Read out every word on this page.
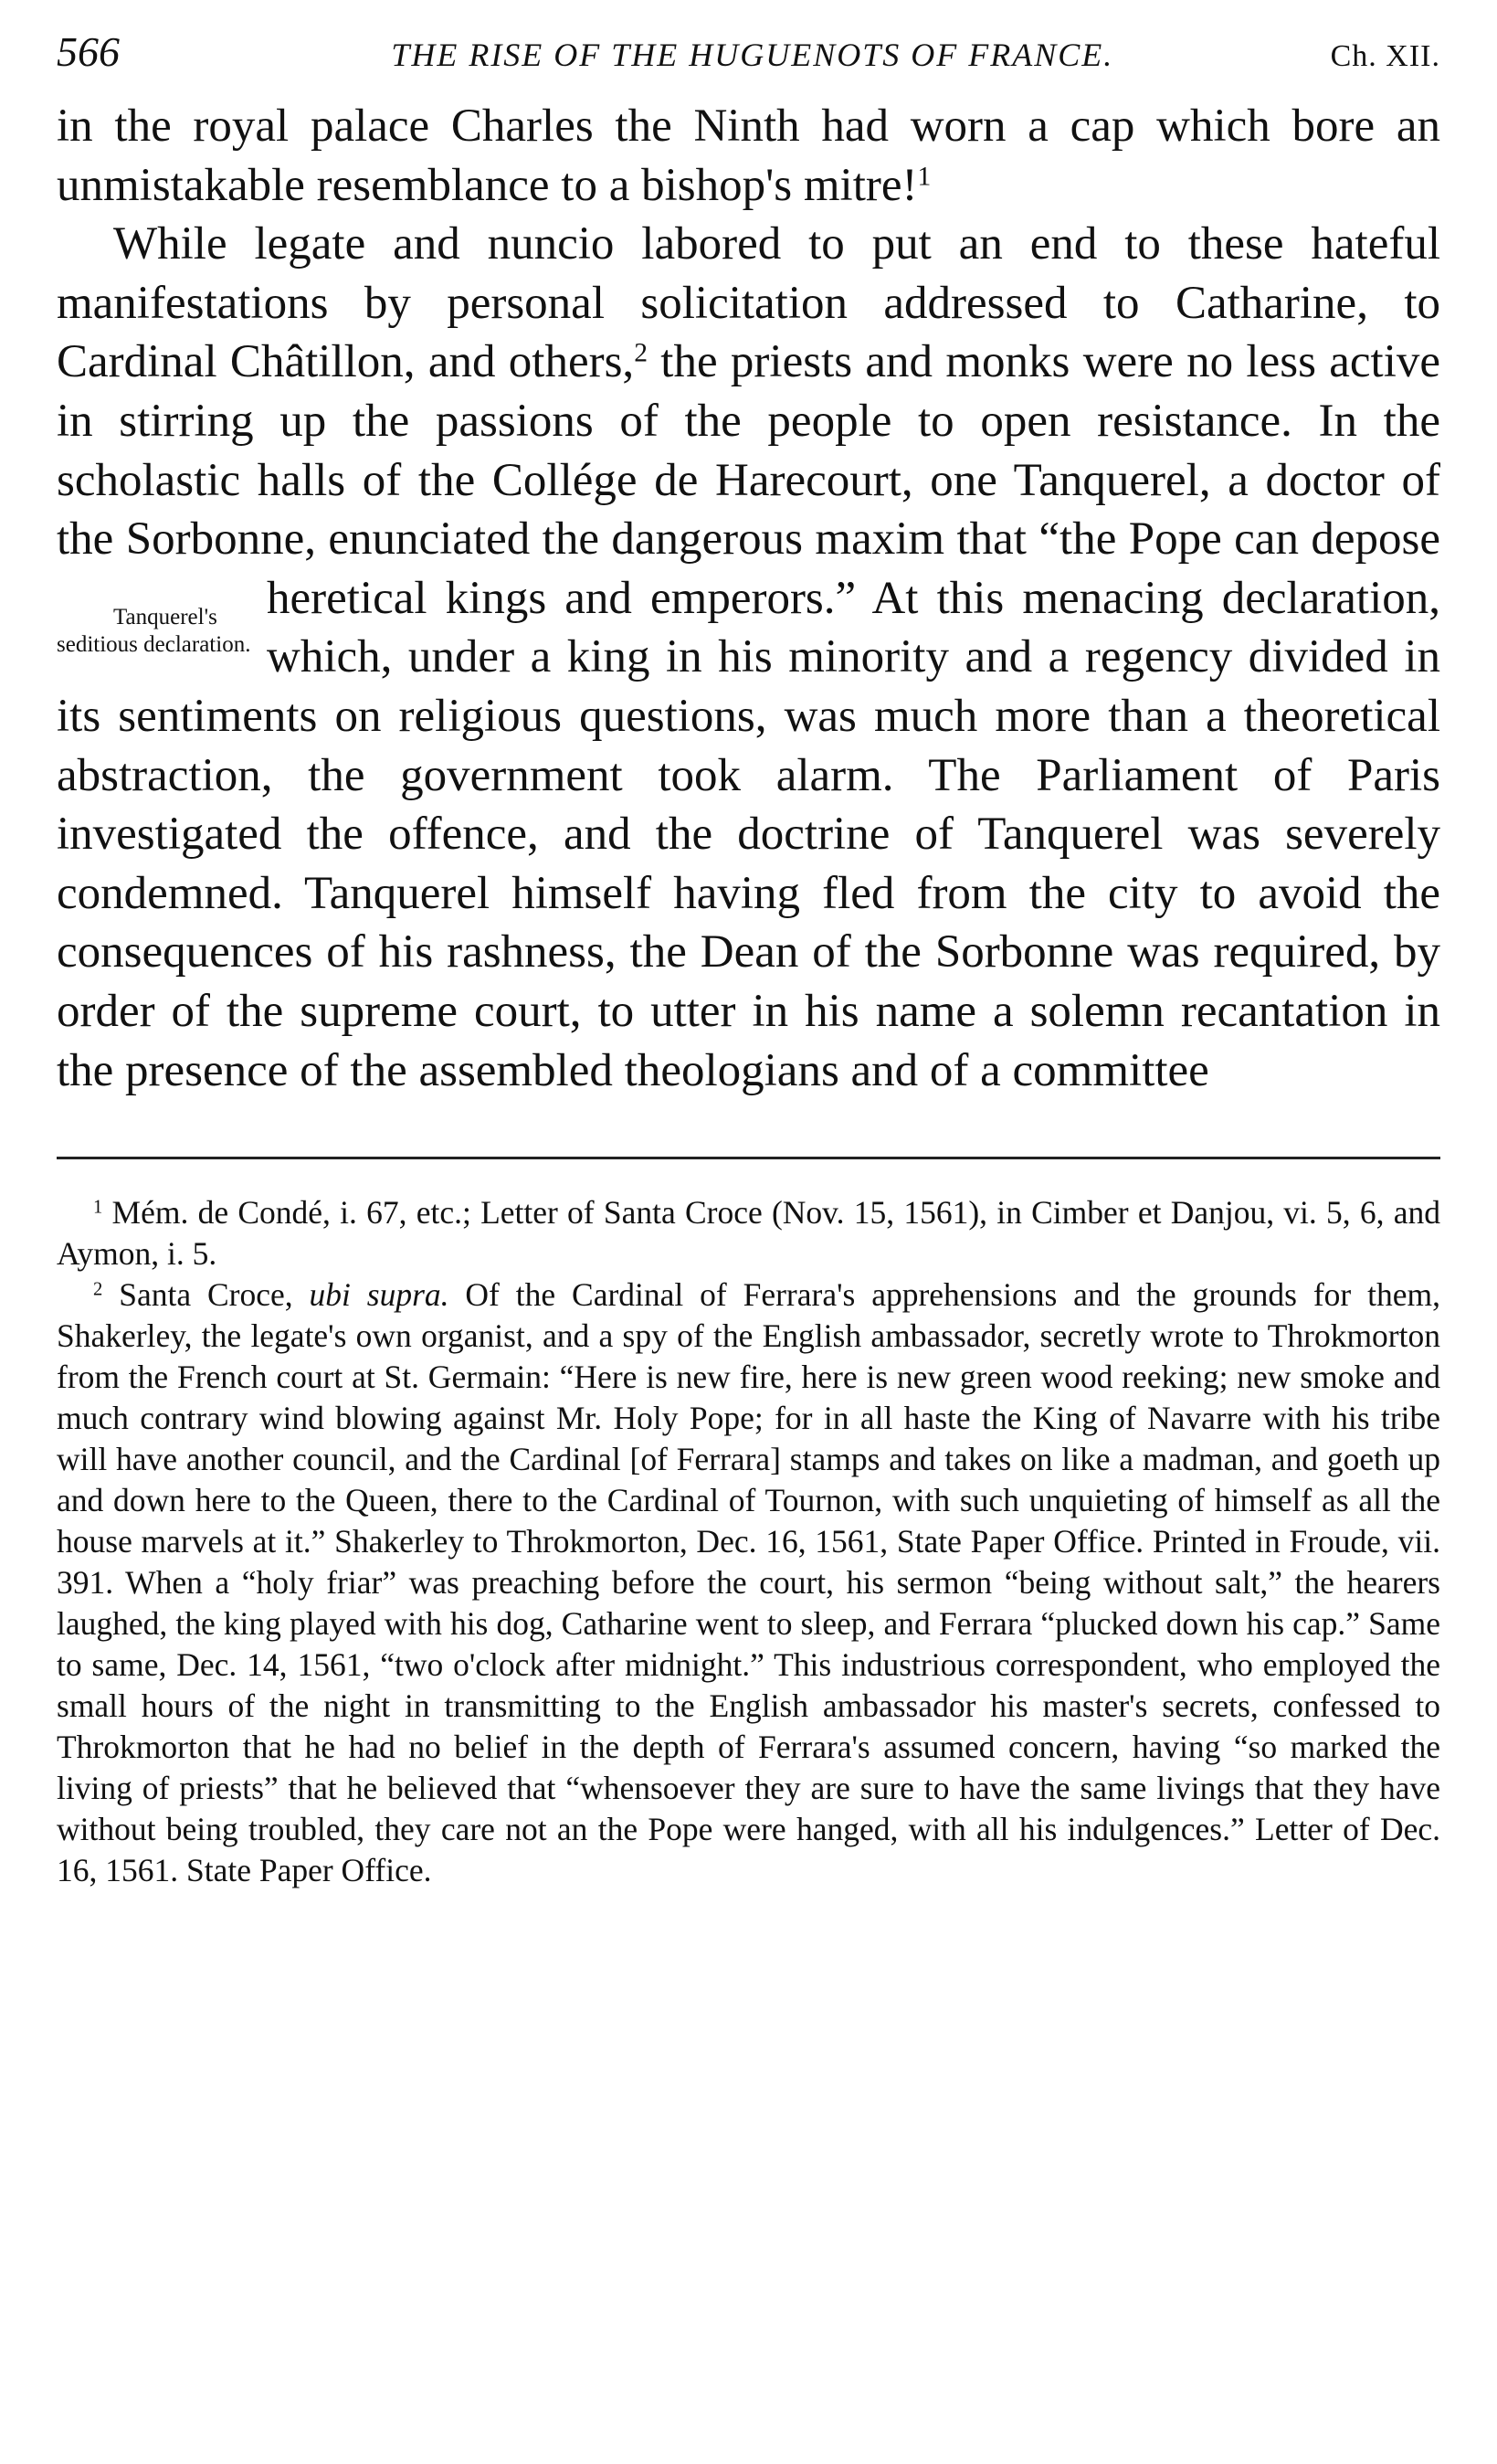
566	THE RISE OF THE HUGUENOTS OF FRANCE.	Ch. XII.

in the royal palace Charles the Ninth had worn a cap which bore an unmistakable resemblance to a bishop's mitre!$^1$

While legate and nuncio labored to put an end to these hateful manifestations by personal solicitation addressed to Catharine, to Cardinal Châtillon, and others,$^2$ the priests and monks were no less active in stirring up the passions of the people to open resistance. In the scholastic halls of the Collége de Harecourt, one Tanquerel, a doctor of the Sorbonne, enunciated the dangerous maxim that “the Pope can depose heretical kings
Tanquerel's seditious declaration.
and emperors.” At this menacing declaration, which, under a king in his minority and a regency divided in its sentiments on religious questions, was much more than a theoretical abstraction, the government took alarm. The Parliament of Paris investigated the offence, and the doctrine of Tanquerel was severely condemned. Tanquerel himself having fled from the city to avoid the consequences of his rashness, the Dean of the Sorbonne was required, by order of the supreme court, to utter in his name a solemn recantation in the presence of the assembled theologians and of a committee

$^1$ Mém. de Condé, i. 67, etc.; Letter of Santa Croce (Nov. 15, 1561), in Cimber et Danjou, vi. 5, 6, and Aymon, i. 5.

$^2$ Santa Croce, ubi supra. Of the Cardinal of Ferrara's apprehensions and the grounds for them, Shakerley, the legate's own organist, and a spy of the English ambassador, secretly wrote to Throkmorton from the French court at St. Germain: “Here is new fire, here is new green wood reeking; new smoke and much contrary wind blowing against Mr. Holy Pope; for in all haste the King of Navarre with his tribe will have another council, and the Cardinal [of Ferrara] stamps and takes on like a madman, and goeth up and down here to the Queen, there to the Cardinal of Tournon, with such unquieting of himself as all the house marvels at it.” Shakerley to Throkmorton, Dec. 16, 1561, State Paper Office. Printed in Froude, vii. 391. When a “holy friar” was preaching before the court, his sermon “being without salt,” the hearers laughed, the king played with his dog, Catharine went to sleep, and Ferrara “plucked down his cap.” Same to same, Dec. 14, 1561, “two o'clock after midnight.” This industrious correspondent, who employed the small hours of the night in transmitting to the English ambassador his master's secrets, confessed to Throkmorton that he had no belief in the depth of Ferrara's assumed concern, having “so marked the living of priests” that he believed that “whensoever they are sure to have the same livings that they have without being troubled, they care not an the Pope were hanged, with all his indulgences.” Letter of Dec. 16, 1561. State Paper Office.
